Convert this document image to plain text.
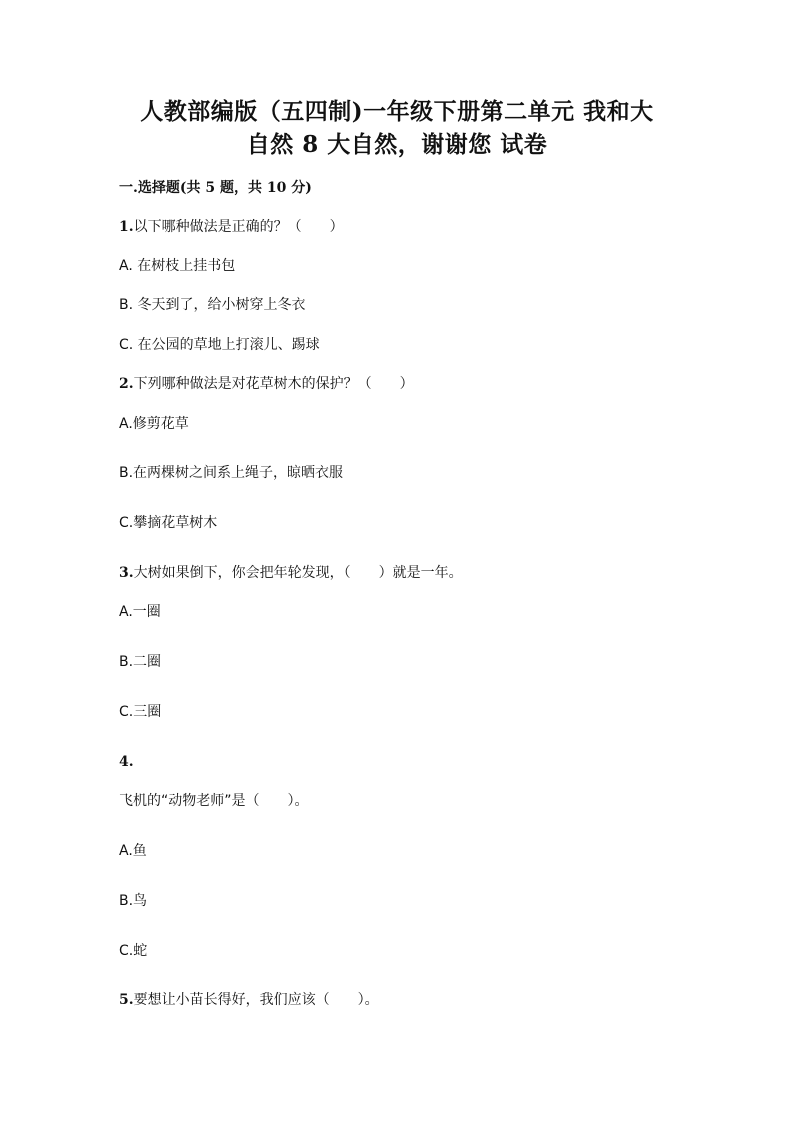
人教部编版（五四制)一年级下册第二单元 我和大
自然 8 大自然，谢谢您 试卷
一.选择题(共 5 题，共 10 分)
1.以下哪种做法是正确的？（　　）
A. 在树枝上挂书包
B. 冬天到了，给小树穿上冬衣
C. 在公园的草地上打滚儿、踢球
2.下列哪种做法是对花草树木的保护？（　　）
A.修剪花草
B.在两棵树之间系上绳子，晾晒衣服
C.攀摘花草树木
3.大树如果倒下，你会把年轮发现，（　　）就是一年。
A.一圈
B.二圈
C.三圈
4.
飞机的“动物老师”是（　　）。
A.鱼
B.鸟
C.蛇
5.要想让小苗长得好，我们应该（　　）。
